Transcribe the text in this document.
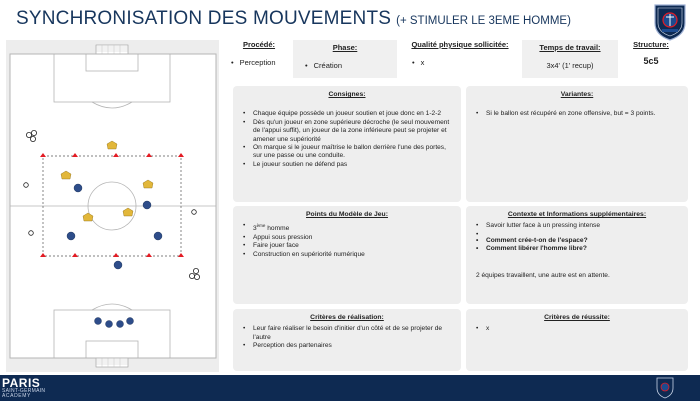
SYNCHRONISATION DES MOUVEMENTS (+ STIMULER LE 3EME HOMME)
Procédé:
• Perception
Phase:
• Création
Qualité physique sollicitée:
• x
Temps de travail:
3x4' (1' recup)
Structure:
5c5
Consignes:
• Chaque équipe possède un joueur soutien et joue donc en 1-2-2
• Dès qu'un joueur en zone supérieure décroche (le seul mouvement de l'appui suffit), un joueur de la zone inférieure peut se projeter et amener une supériorité
• On marque si le joueur maîtrise le ballon derrière l'une des portes, sur une passe ou une conduite.
• Le joueur soutien ne défend pas
Variantes:
• Si le ballon est récupéré en zone offensive, but = 3 points.
Points du Modèle de Jeu:
• 3ème homme
• Appui sous pression
• Faire jouer face
• Construction en supériorité numérique
Contexte et Informations supplémentaires:
• Savoir lutter face à un pressing intense
•
• Comment crée-t-on de l'espace?
• Comment libérer l'homme libre?
2 équipes travaillent, une autre est en attente.
Critères de réalisation:
• Leur faire réaliser le besoin d'initier d'un côté et de se projeter de l'autre
• Perception des partenaires
Critères de réussite:
• x
PARIS
SAINT-GERMAIN
ACADEMY
